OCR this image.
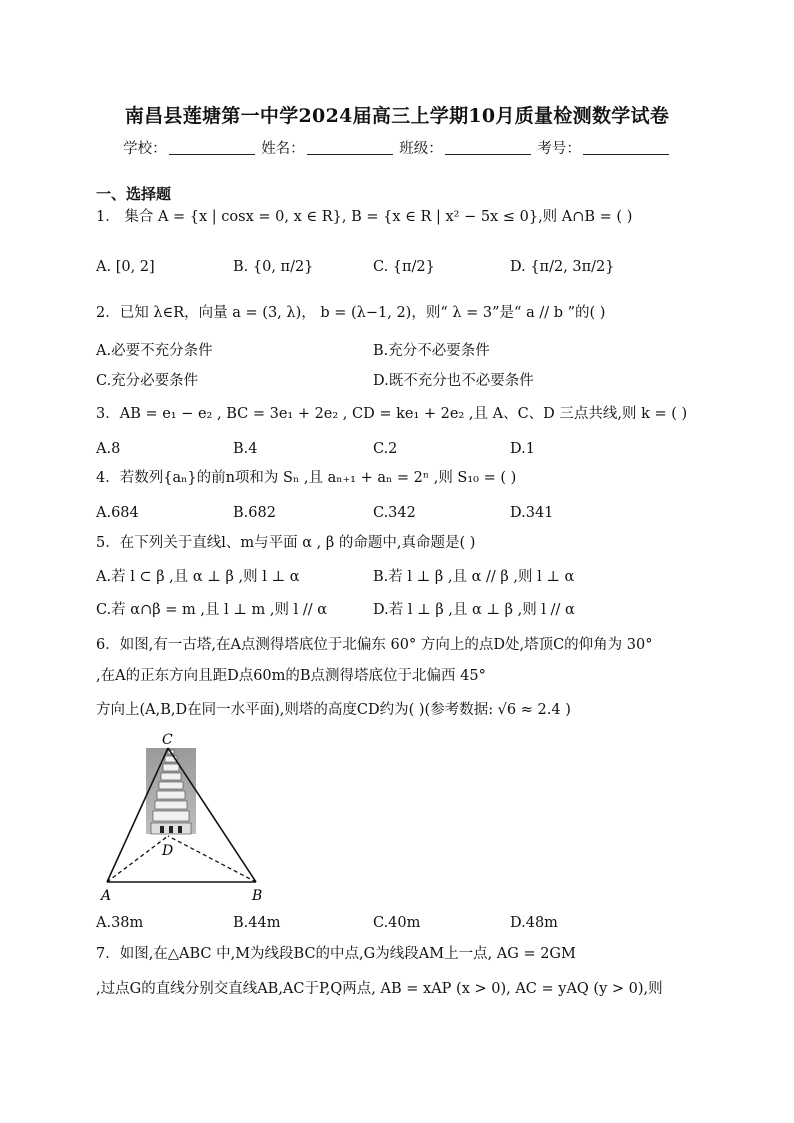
南昌县莲塘第一中学2024届高三上学期10月质量检测数学试卷
学校：	姓名：	班级：	考号：
一、选择题
1． 集合 A = {x | cosx = 0, x ∈ R}, B = {x ∈ R | x² − 5x ≤ 0},则 A∩B = ( )
A. [0, 2]	B. {0, π/2}	C. {π/2}	D. {π/2, 3π/2}
2．已知 λ∈R，向量 a = (3, λ)， b = (λ−1, 2)，则“ λ = 3”是“ a // b ”的( )
A.必要不充分条件	B.充分不必要条件
C.充分必要条件	D.既不充分也不必要条件
3．AB = e₁ − e₂ , BC = 3e₁ + 2e₂ , CD = ke₁ + 2e₂ ,且 A、C、D 三点共线,则 k = ( )
A.8	B.4	C.2	D.1
4．若数列{aₙ}的前n项和为 Sₙ ,且 aₙ₊₁ + aₙ = 2ⁿ ,则 S₁₀ = ( )
A.684	B.682	C.342	D.341
5．在下列关于直线l、m与平面 α , β 的命题中,真命题是( )
A.若 l ⊂ β ,且 α ⊥ β ,则 l ⊥ α	B.若 l ⊥ β ,且 α // β ,则 l ⊥ α
C.若 α∩β = m ,且 l ⊥ m ,则 l // α	D.若 l ⊥ β ,且 α ⊥ β ,则 l // α
6．如图,有一古塔,在A点测得塔底位于北偏东 60° 方向上的点D处,塔顶C的仰角为 30°
,在A的正东方向且距D点60m的B点测得塔底位于北偏西 45°
方向上(A,B,D在同一水平面),则塔的高度CD约为( )(参考数据: √6 ≈ 2.4 )
C
D
A	B
A.38m	B.44m	C.40m	D.48m
7．如图,在△ABC 中,M为线段BC的中点,G为线段AM上一点, AG = 2GM
,过点G的直线分别交直线AB,AC于P,Q两点, AB = xAP (x > 0), AC = yAQ (y > 0),则
